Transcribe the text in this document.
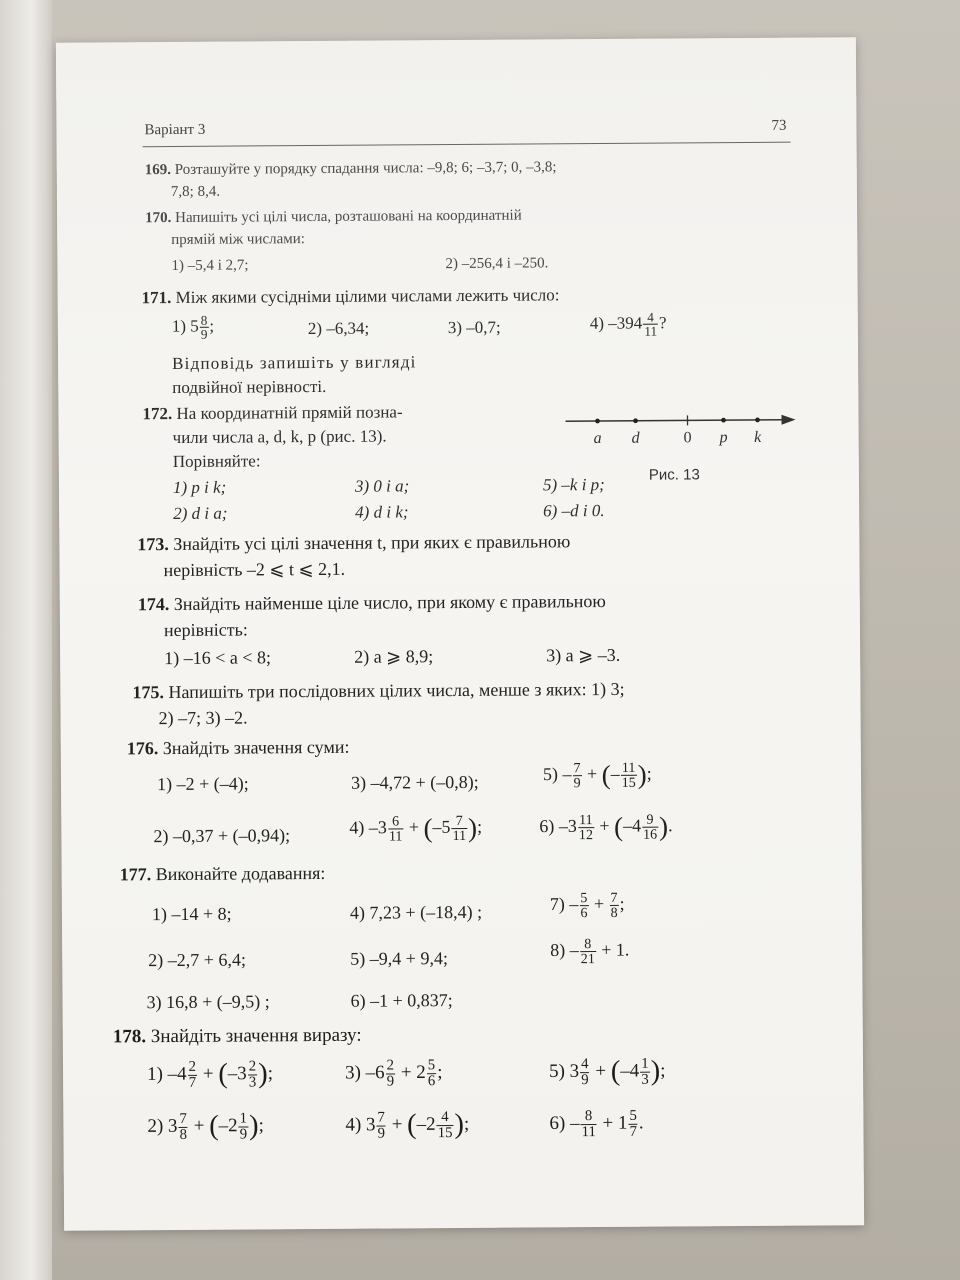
Варіант 3	73
169. Розташуйте у порядку спадання числа: –9,8; 6; –3,7; 0, –3,8;
7,8; 8,4.
170. Напишіть усі цілі числа, розташовані на координатній
прямій між числами:
1) –5,4 і 2,7;	2) –256,4 і –250.
171. Між якими сусідніми цілими числами лежить число:
1) $5 \frac{8}{9}$ ;	2) –6,34;	3) –0,7;	4) $-394 \frac{4}{11}$ ?
Відповідь запишіть у вигляді
подвійної нерівності.
a d	0 p k
Рис. 13
172. На координатній прямій позна-
чили числа a, d, k, p (рис. 13).
Порівняйте:
1) p і k;	3) 0 і a;	5) –k і p;
2) d і a;	4) d і k;	6) –d і 0.
173. Знайдіть усі цілі значення t, при яких є правильною
нерівність –2 ⩽ t ⩽ 2,1.
174. Знайдіть найменше ціле число, при якому є правильною
нерівність:
1) –16 < a < 8;	2) a ⩾ 8,9;	3) a ⩾ –3.
175. Напишіть три послідовних цілих числа, менше з яких: 1) 3;
2) –7; 3) –2.
176. Знайдіть значення суми:
1) –2 + (–4);	3) –4,72 + (–0,8);	$5) - \frac{7}{9}$ + (– $\frac{11}{15}$ );
2) –0,37 + (–0,94);	4) $-3 \frac{6}{11} + (-5 \frac{7}{11}$ );	6) $-3 \frac{11}{12} + (-4 \frac{9}{16}$ ).
177. Виконайте додавання:
1) –14 + 8;	4) 7,23 + (–18,4) ;	$7) - \frac{5}{6} + \frac{7}{8}$ ;
2) –2,7 + 6,4;	5) –9,4 + 9,4;	$8) - \frac{8}{21} + 1$.
3) 16,8 + (–9,5) ;	6) –1 + 0,837;
178. Знайдіть значення виразу:
1) $-4 \frac{2}{7} + (-3 \frac{2}{3}$ );	3) $-6 \frac{2}{9} + 2 \frac{5}{6}$ ;	5) $3 \frac{4}{9} + (-4 \frac{1}{3}$ );
2) $3 \frac{7}{8} + (-2 \frac{1}{9}$ );	4) $3 \frac{7}{9} + (-2 \frac{4}{15}$ );	$6) - \frac{8}{11} + 1 \frac{5}{7}$ .
